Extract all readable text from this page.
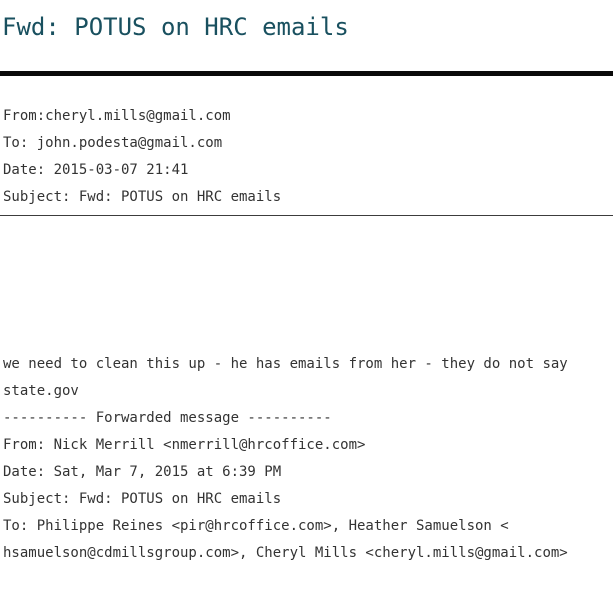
Fwd: POTUS on HRC emails
From:cheryl.mills@gmail.com
To: john.podesta@gmail.com
Date: 2015-03-07 21:41
Subject: Fwd: POTUS on HRC emails
we need to clean this up - he has emails from her - they do not say
state.gov
---------- Forwarded message ----------
From: Nick Merrill <nmerrill@hrcoffice.com>
Date: Sat, Mar 7, 2015 at 6:39 PM
Subject: Fwd: POTUS on HRC emails
To: Philippe Reines <pir@hrcoffice.com>, Heather Samuelson <
hsamuelson@cdmillsgroup.com>, Cheryl Mills <cheryl.mills@gmail.com>
